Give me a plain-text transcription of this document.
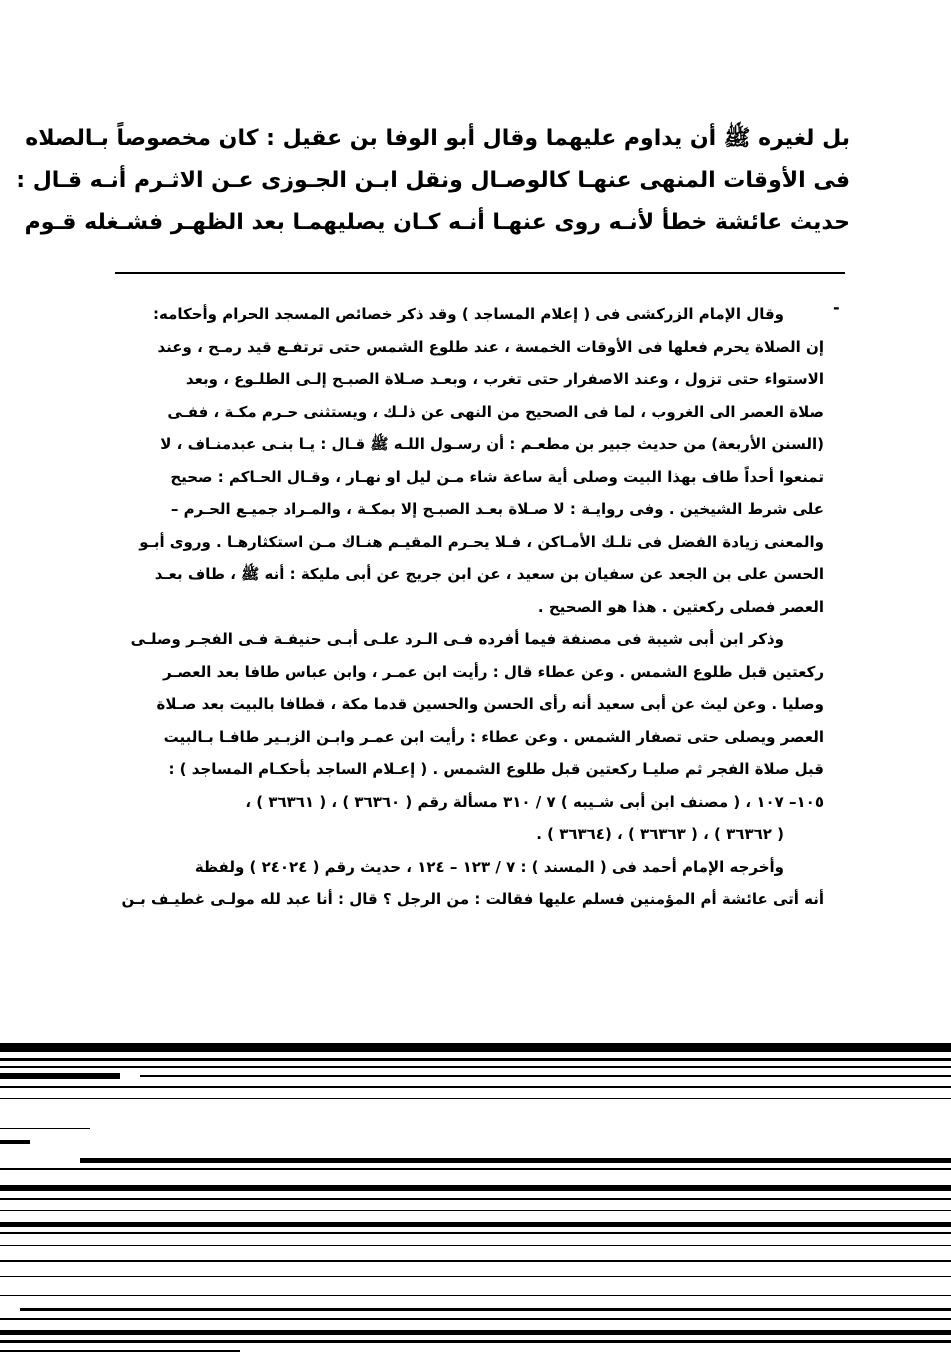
بل لغيره ﷺ أن يداوم عليهما وقال أبو الوفا بن عقيل : كان مخصوصاً بـالصلاه
فى الأوقات المنهى عنهـا كالوصـال ونقل ابـن الجـوزى عـن الاثـرم أنـه قـال :
حديث عائشة خطأ لأنـه روى عنهـا أنـه كـان يصليهمـا بعد الظهـر فشـغله قـوم
-
وقال الإمام الزركشى فى ( إعلام المساجد ) وقد ذكر خصائص المسجد الحرام وأحكامه:
إن الصلاة يحرم فعلها فى الأوقات الخمسة ، عند طلوع الشمس حتى ترتفـع قيد رمـح ، وعند
الاستواء حتى تزول ، وعند الاصفرار حتى تغرب ، وبعـد صـلاة الصبـح إلـى الطلـوع ، وبعد
صلاة العصر الى الغروب ، لما فى الصحيح من النهى عن ذلـك ، ويستثنى حـرم مكـة ، ففـى
(السنن الأربعة) من حديث جبير بن مطعـم : أن رسـول اللـه ﷺ قـال : يـا بنـى عبدمنـاف ، لا
تمنعوا أحداً طاف بهذا البيت وصلى أية ساعة شاء مـن ليل او نهـار ، وقـال الحـاكم : صحيح
على شرط الشيخين . وفى روايـة : لا صـلاة بعـد الصبـح إلا بمكـة ، والمـراد جميـع الحـرم –
والمعنى زيادة الفضل فى تلـك الأمـاكن ، فـلا يحـرم المقيـم هنـاك مـن استكثارهـا . وروى أبـو
الحسن على بن الجعد عن سفيان بن سعيد ، عن ابن جريج عن أبى مليكة : أنه ﷺ ، طاف بعـد
العصر فصلى ركعتين . هذا هو الصحيح .
وذكر ابن أبى شيبة فى مصنفة فيما أفرده فـى الـرد علـى أبـى حنيفـة فـى الفجـر وصلـى
ركعتين قبل طلوع الشمس . وعن عطاء قال : رأيت ابن عمـر ، وابن عباس طافا بعد العصـر
وصليا . وعن ليث عن أبى سعيد أنه رأى الحسن والحسين قدما مكة ، قطافا بالبيت بعد صـلاة
العصر ويصلى حتى تصفار الشمس . وعن عطاء : رأيت ابن عمـر وابـن الزبـير طافـا بـالبيت
قبل صلاة الفجر ثم صليـا ركعتين قبل طلوع الشمس . ( إعـلام الساجد بأحكـام المساجد ) :
١٠٥– ١٠٧ ، ( مصنف ابن أبى شـيبه ) ٧ / ٣١٠ مسألة رقم ( ٣٦٣٦٠ ) ، ( ٣٦٣٦١ ) ،
( ٣٦٣٦٢ ) ، ( ٣٦٣٦٣ ) ، (٣٦٣٦٤ ) .
وأخرجه الإمام أحمد فى ( المسند ) : ٧ / ١٢٣ – ١٢٤ ، حديث رقم ( ٢٤٠٢٤ ) ولفظة
أنه أتى عائشة أم المؤمنين فسلم عليها فقالت : من الرجل ؟ قال : أنا عبد لله مولـى غطيـف بـن
